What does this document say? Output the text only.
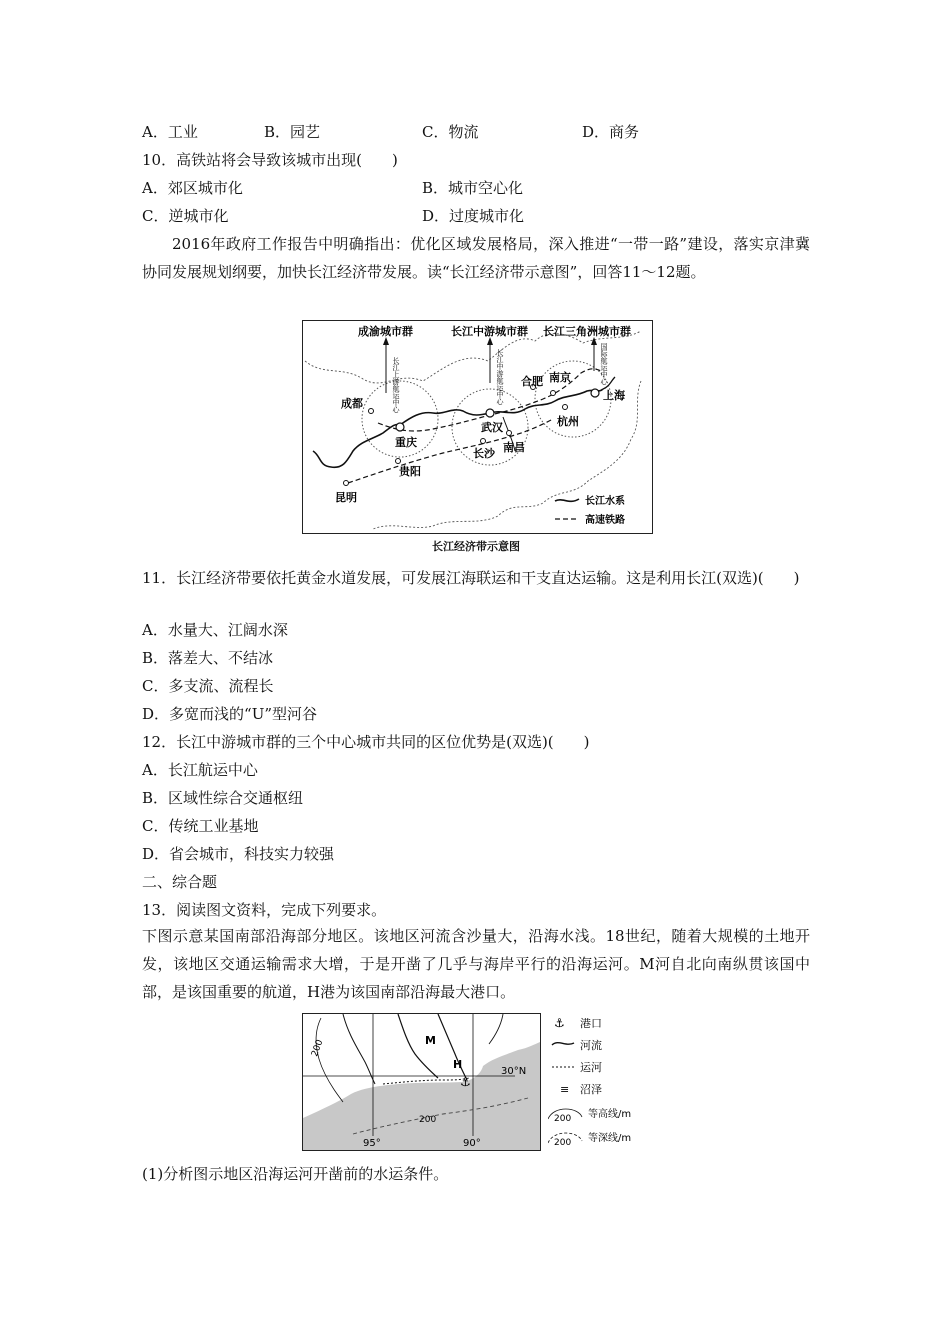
A．工业	B．园艺	C．物流	D．商务
10．高铁站将会导致该城市出现(　　)
A．郊区城市化	B．城市空心化
C．逆城市化	D．过度城市化
2016年政府工作报告中明确指出：优化区域发展格局，深入推进“一带一路”建设，落实京津冀协同发展规划纲要，加快长江经济带发展。读“长江经济带示意图”，回答11～12题。
成渝城市群	长江中游城市群 长江三角洲城市群
长江上游航运中心	长江中游航运中心	国际航运中心
成都
重庆
贵阳
昆明
武汉
长沙 南昌
合肥 南京
杭州
上海
长江水系
高速铁路
长江经济带示意图
11．长江经济带要依托黄金水道发展，可发展江海联运和干支直达运输。这是利用长江(双选)(　　)
A．水量大、江阔水深
B．落差大、不结冰
C．多支流、流程长
D．多宽而浅的“U”型河谷
12．长江中游城市群的三个中心城市共同的区位优势是(双选)(　　)
A．长江航运中心
B．区域性综合交通枢纽
C．传统工业基地
D．省会城市，科技实力较强
二、综合题
13．阅读图文资料，完成下列要求。
下图示意某国南部沿海部分地区。该地区河流含沙量大，沿海水浅。18世纪，随着大规模的土地开发，该地区交通运输需求大增，于是开凿了几乎与海岸平行的沿海运河。M河自北向南纵贯该国中部，是该国重要的航道，H港为该国南部沿海最大港口。
30°N
95°	90°
200
200
⚓
H
M
⚓ 港口
河流
运河
≡ 沼泽
200 等高线/m
200 等深线/m
(1)分析图示地区沿海运河开凿前的水运条件。
